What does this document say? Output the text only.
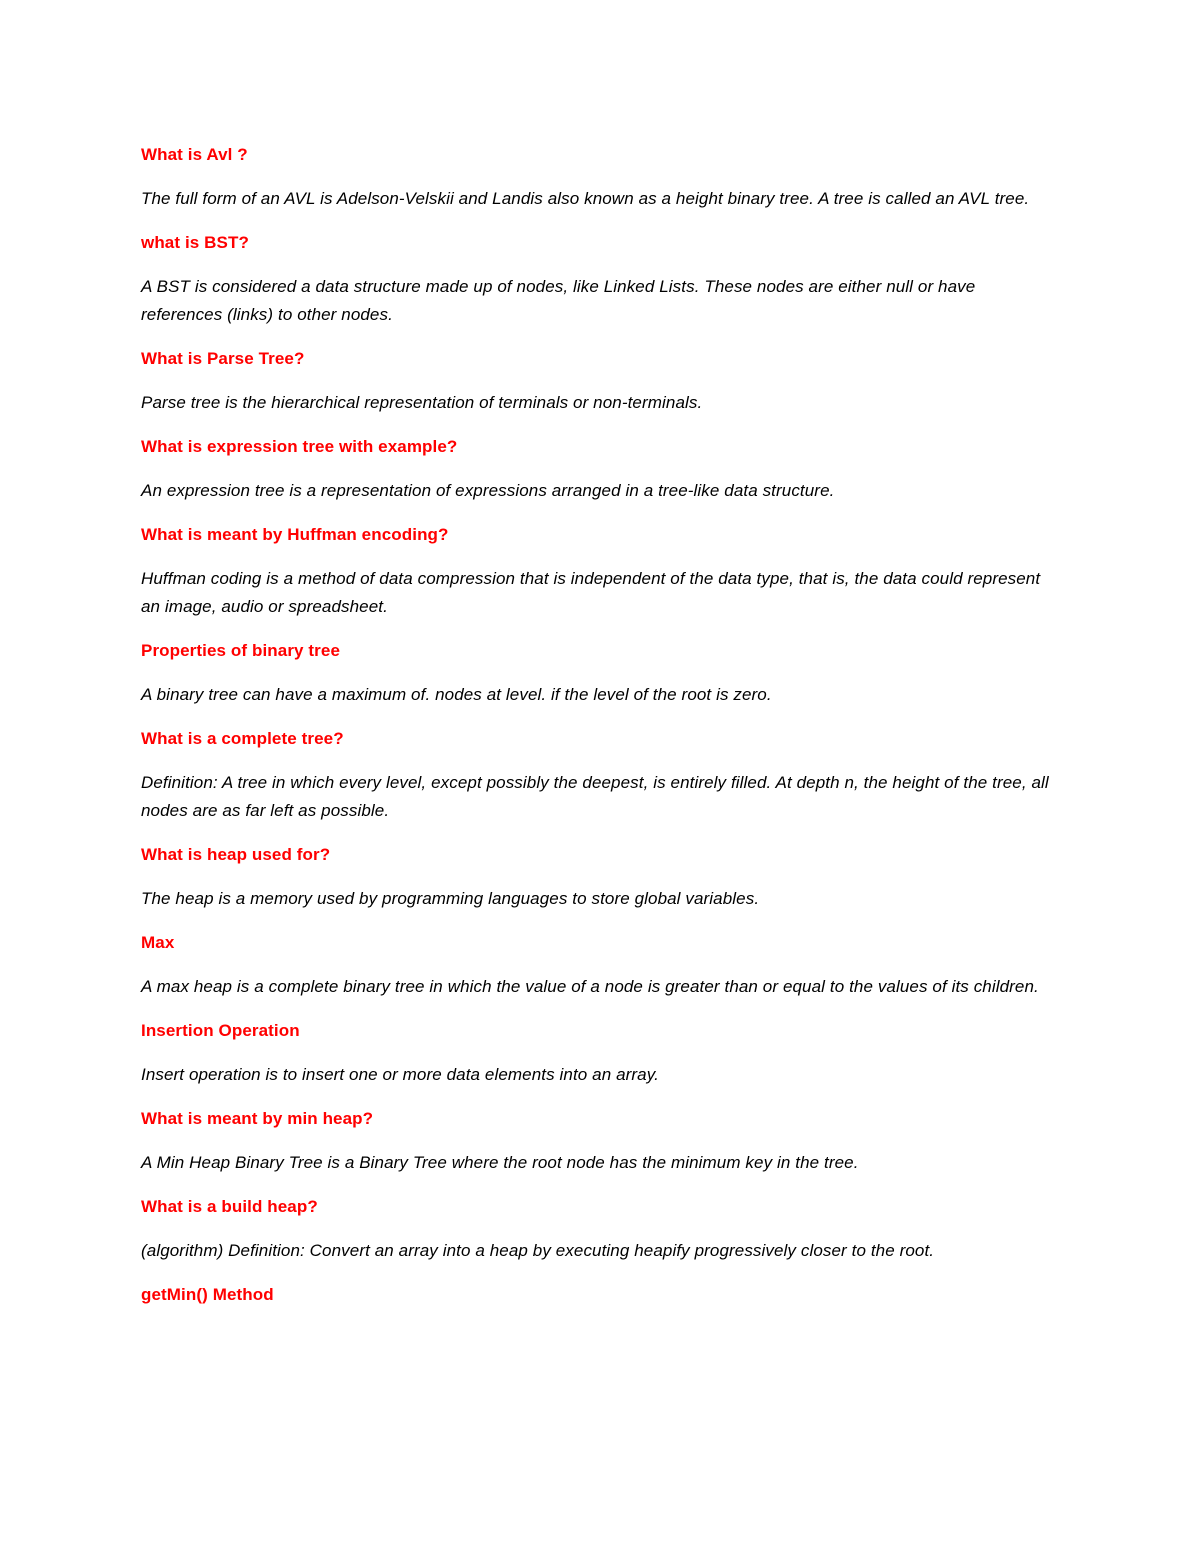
What is Avl ?

The full form of an AVL is Adelson-Velskii and Landis also known as a height binary tree. A tree is called an AVL tree.

what is BST?

A BST is considered a data structure made up of nodes, like Linked Lists. These nodes are either null or have references (links) to other nodes.

What is Parse Tree?

Parse tree is the hierarchical representation of terminals or non-terminals.

What is expression tree with example?

An expression tree is a representation of expressions arranged in a tree-like data structure.

What is meant by Huffman encoding?

Huffman coding is a method of data compression that is independent of the data type, that is, the data could represent an image, audio or spreadsheet.

Properties of binary tree

A binary tree can have a maximum of. nodes at level. if the level of the root is zero.

What is a complete tree?

Definition: A tree in which every level, except possibly the deepest, is entirely filled. At depth n, the height of the tree, all nodes are as far left as possible.

What is heap used for?

The heap is a memory used by programming languages to store global variables.

Max

A max heap is a complete binary tree in which the value of a node is greater than or equal to the values of its children.

Insertion Operation

Insert operation is to insert one or more data elements into an array.

What is meant by min heap?

A Min Heap Binary Tree is a Binary Tree where the root node has the minimum key in the tree.

What is a build heap?

(algorithm) Definition: Convert an array into a heap by executing heapify progressively closer to the root.

getMin() Method
